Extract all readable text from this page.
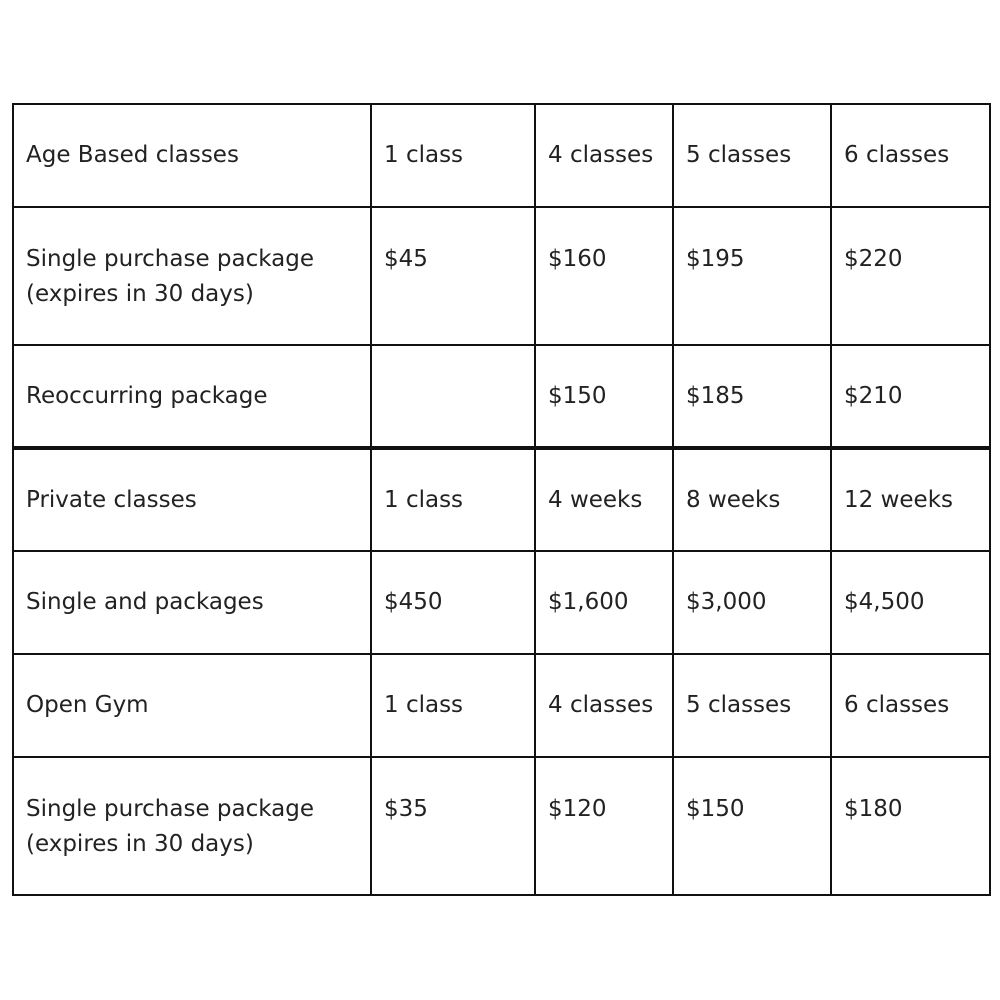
Age Based classes	1 class	4 classes	5 classes	6 classes
Single purchase package
(expires in 30 days)	$45	$160	$195	$220
Reoccurring package		$150	$185	$210
Private classes	1 class	4 weeks	8 weeks	12 weeks
Single and packages	$450	$1,600	$3,000	$4,500
Open Gym	1 class	4 classes	5 classes	6 classes
Single purchase package
(expires in 30 days)	$35	$120	$150	$180
